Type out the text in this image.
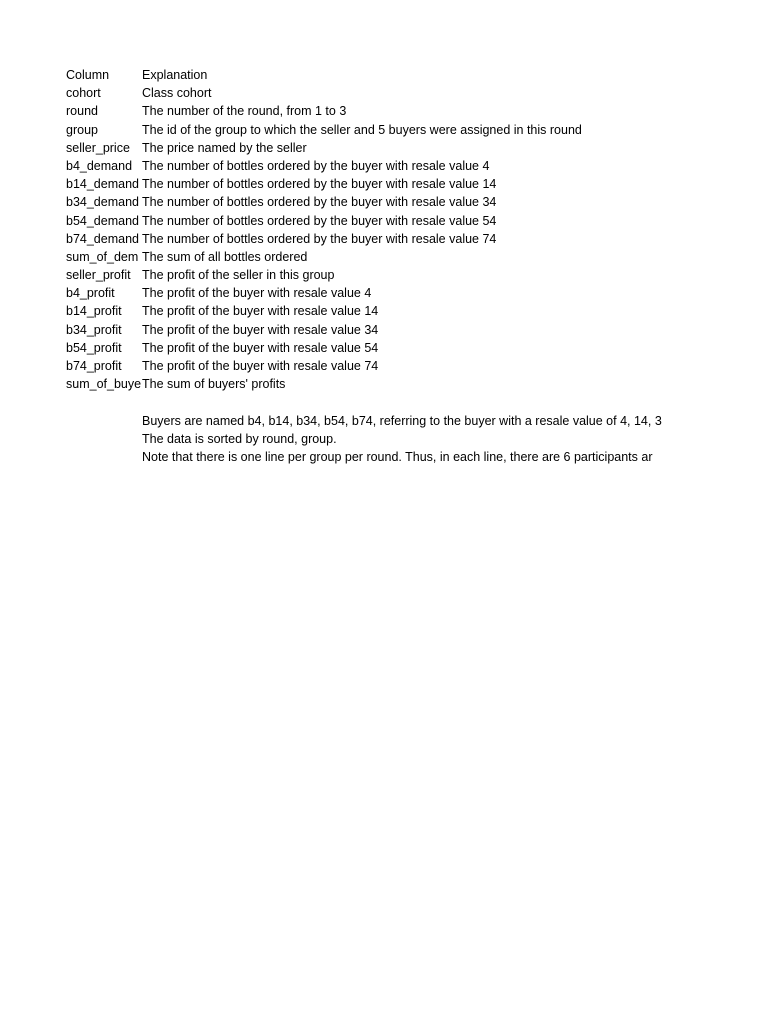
Column	Explanation
cohort	Class cohort
round	The number of the round, from 1 to 3
group	The id of the group to which the seller and 5 buyers were assigned in this round
seller_price The price named by the seller
b4_demand The number of bottles ordered by the buyer with resale value 4
b14_demand The number of bottles ordered by the buyer with resale value 14
b34_demand The number of bottles ordered by the buyer with resale value 34
b54_demand The number of bottles ordered by the buyer with resale value 54
b74_demand The number of bottles ordered by the buyer with resale value 74
sum_of_dem The sum of all bottles ordered
seller_profit The profit of the seller in this group
b4_profit	The profit of the buyer with resale value 4
b14_profit	The profit of the buyer with resale value 14
b34_profit	The profit of the buyer with resale value 34
b54_profit	The profit of the buyer with resale value 54
b74_profit	The profit of the buyer with resale value 74
sum_of_buye The sum of buyers' profits
Buyers are named b4, b14, b34, b54, b74, referring to the buyer with a resale value of 4, 14, 3
The data is sorted by round, group.
Note that there is one line per group per round. Thus, in each line, there are 6 participants ar
